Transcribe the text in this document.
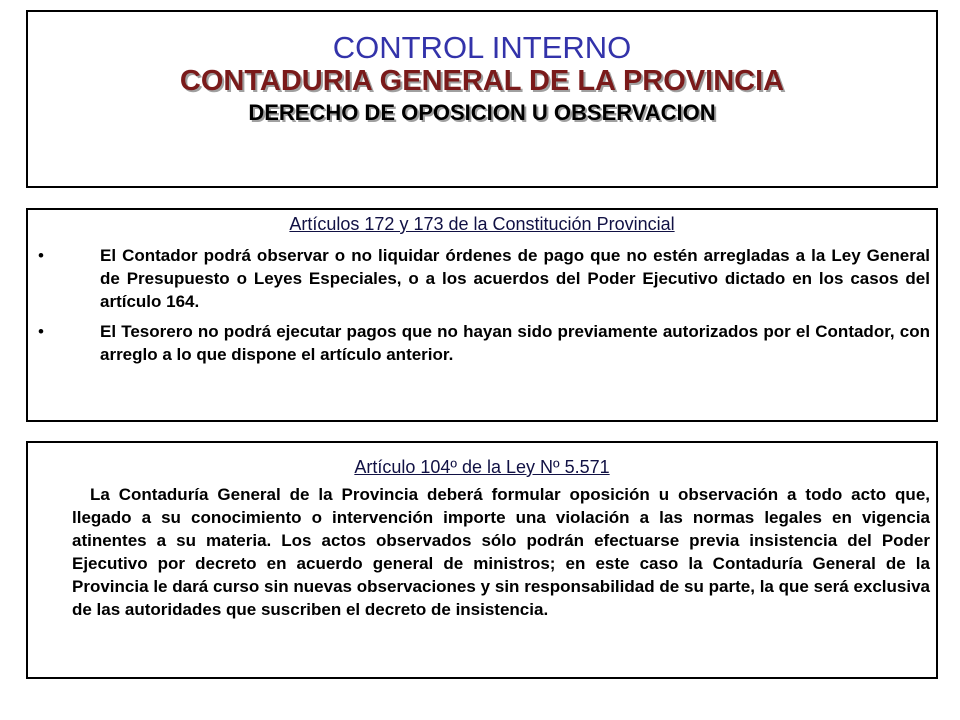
CONTROL INTERNO
CONTADURIA GENERAL DE LA PROVINCIA
DERECHO DE OPOSICION U OBSERVACION

Artículos 172 y 173 de la Constitución Provincial

•	El Contador podrá observar o no liquidar órdenes de pago que no estén arregladas a la Ley General de Presupuesto o Leyes Especiales, o a los acuerdos del Poder Ejecutivo dictado en los casos del artículo 164.
•	El Tesorero no podrá ejecutar pagos que no hayan sido previamente autorizados por el Contador, con arreglo a lo que dispone el artículo anterior.

Artículo 104º de la Ley Nº 5.571

La Contaduría General de la Provincia deberá formular oposición u observación a todo acto que, llegado a su conocimiento o intervención importe una violación a las normas legales en vigencia atinentes a su materia. Los actos observados sólo podrán efectuarse previa insistencia del Poder Ejecutivo por decreto en acuerdo general de ministros; en este caso la Contaduría General de la Provincia le dará curso sin nuevas observaciones y sin responsabilidad de su parte, la que será exclusiva de las autoridades que suscriben el decreto de insistencia.
